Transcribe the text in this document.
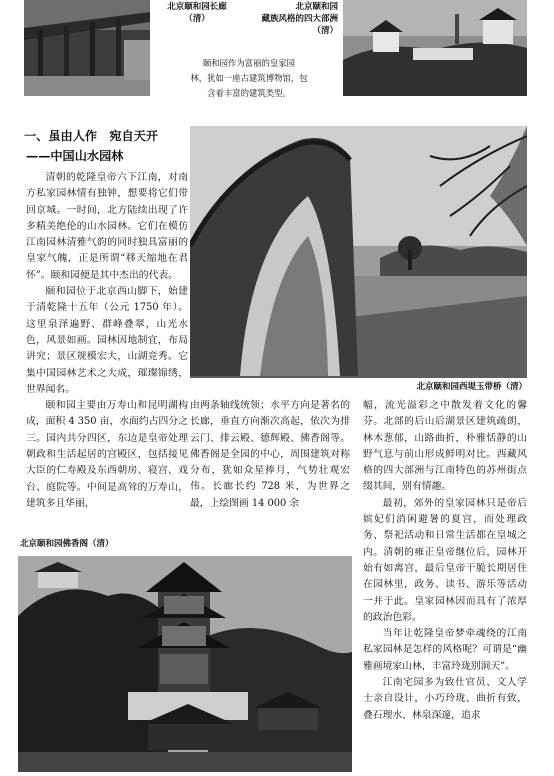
北京颐和园长廊
（清）
北京颐和园
藏族风格的四大部洲
（清）
颐和园作为富丽的皇家园
林，犹如一座古建筑博物馆，包
含着丰富的建筑类型。
一、虽由人作　宛自天开
——中国山水园林

清朝的乾隆皇帝六下江南，对南方私家园林情有独钟，想要将它们带回京城。一时间，北方陆续出现了许多精美绝伦的山水园林。它们在模仿江南园林清雅气韵的同时独具富丽的皇家气魄，正是所谓“移天缩地在君怀”。颐和园便是其中杰出的代表。

颐和园位于北京西山脚下，始建于清乾隆十五年（公元 1750 年）。这里泉泽遍野、群峰叠翠，山光水色，风景如画。园林因地制宜，布局讲究；景区规模宏大，山湖竞秀。它集中国园林艺术之大成，璀璨锦绣，世界闻名。

颐和园主要由万寿山和昆明湖构成，面积 4 350 亩，水面约占四分之三。园内共分四区，东边是皇帝处理朝政和生活起居的宫殿区，包括接见大臣的仁寿殿及东西朝房、寝宫、戏台、庭院等。中间是高耸的万寿山，建筑多且华丽，

北京颐和园西堤玉带桥（清）

由两条轴线统领；水平方向是著名的长廊，垂直方向渐次高起，依次为排云门、排云殿、德辉殿、佛香阁等。佛香阁是全园的中心，周围建筑对称分布，犹如众星捧月，气势壮观宏伟。长廊长约 728 米，为世界之最，上绘图画 14 000 余

幅，流光溢彩之中散发着文化的馨芬。北部的后山后湖景区建筑疏朗，林木葱郁，山路曲折，朴雅恬静的山野气息与前山形成鲜明对比。西藏风格的四大部洲与江南特色的苏州街点缀其间，别有情趣。

最初，郊外的皇家园林只是帝后嫔妃们消闲避暑的夏宫，而处理政务、祭祀活动和日常生活都在皇城之内。清朝的雍正皇帝继位后，园林开始有如离宫，最后皇帝干脆长期居住在园林里，政务、读书、游乐等活动一并于此。皇家园林因而具有了浓厚的政治色彩。

当年让乾隆皇帝梦牵魂绕的江南私家园林是怎样的风格呢？可谓是“幽雅画境家山林，丰富玲珑别洞天”。

江南宅园多为致仕官员、文人学士亲自设计，小巧玲珑、曲折有致，叠石理水、林泉深邃，追求

北京颐和园佛香阁（清）
